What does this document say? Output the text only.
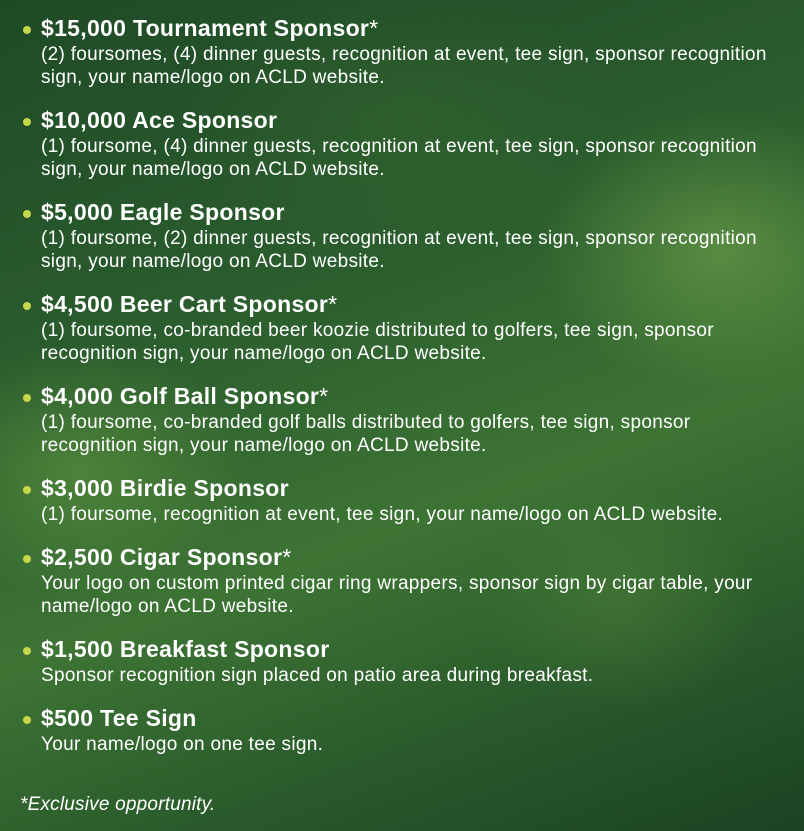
$15,000 Tournament Sponsor*
(2) foursomes, (4) dinner guests, recognition at event, tee sign, sponsor recognition sign, your name/logo on ACLD website.
$10,000 Ace Sponsor
(1) foursome, (4) dinner guests, recognition at event, tee sign, sponsor recognition sign, your name/logo on ACLD website.
$5,000 Eagle Sponsor
(1) foursome, (2) dinner guests, recognition at event, tee sign, sponsor recognition sign, your name/logo on ACLD website.
$4,500 Beer Cart Sponsor*
(1) foursome, co-branded beer koozie distributed to golfers, tee sign, sponsor recognition sign, your name/logo on ACLD website.
$4,000 Golf Ball Sponsor*
(1) foursome, co-branded golf balls distributed to golfers, tee sign, sponsor recognition sign, your name/logo on ACLD website.
$3,000 Birdie Sponsor
(1) foursome, recognition at event, tee sign, your name/logo on ACLD website.
$2,500 Cigar Sponsor*
Your logo on custom printed cigar ring wrappers, sponsor sign by cigar table, your name/logo on ACLD website.
$1,500 Breakfast Sponsor
Sponsor recognition sign placed on patio area during breakfast.
$500 Tee Sign
Your name/logo on one tee sign.
*Exclusive opportunity.
